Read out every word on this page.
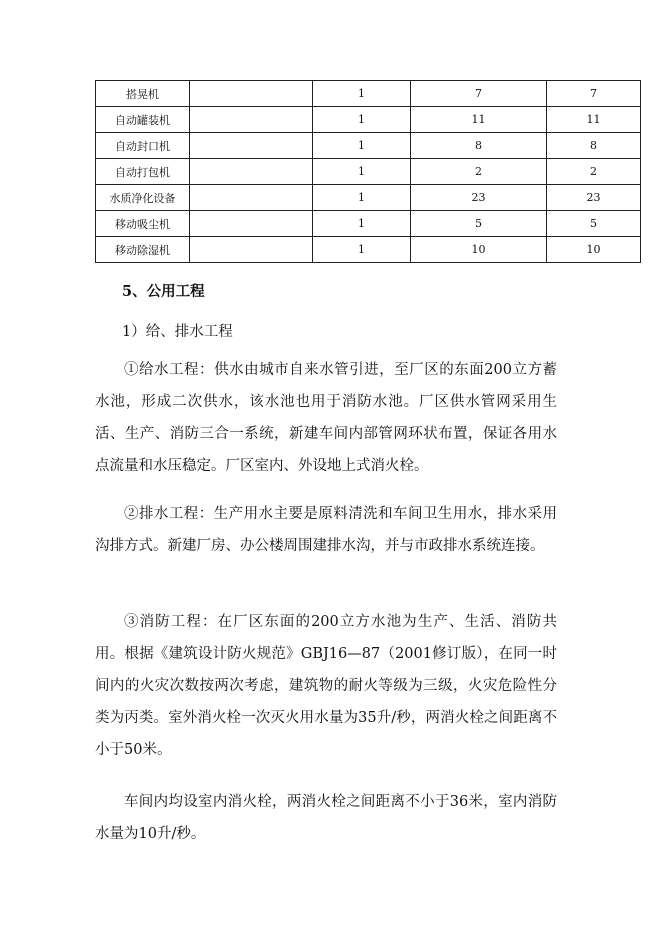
搭晃机		1	7	7
自动罐装机		1	11	11
自动封口机		1	8	8
自动打包机		1	2	2
水质净化设备		1	23	23
移动吸尘机		1	5	5
移动除湿机		1	10	10
5、公用工程
1）给、排水工程

①给水工程：供水由城市自来水管引进，至厂区的东面200立方蓄水池，形成二次供水，该水池也用于消防水池。厂区供水管网采用生活、生产、消防三合一系统，新建车间内部管网环状布置，保证各用水点流量和水压稳定。厂区室内、外设地上式消火栓。

②排水工程：生产用水主要是原料清洗和车间卫生用水，排水采用沟排方式。新建厂房、办公楼周围建排水沟，并与市政排水系统连接。

③消防工程：在厂区东面的200立方水池为生产、生活、消防共用。根据《建筑设计防火规范》GBJ16—87（2001修订版），在同一时间内的火灾次数按两次考虑，建筑物的耐火等级为三级，火灾危险性分类为丙类。室外消火栓一次灭火用水量为35升/秒，两消火栓之间距离不小于50米。

车间内均设室内消火栓，两消火栓之间距离不小于36米，室内消防水量为10升/秒。
